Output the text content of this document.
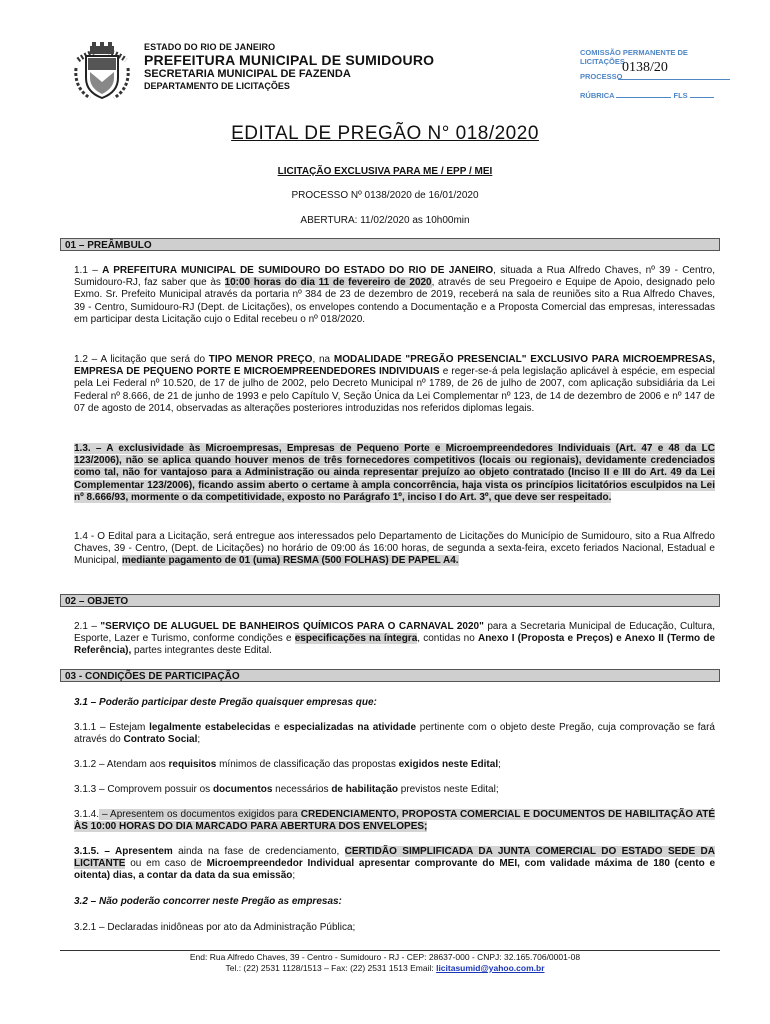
ESTADO DO RIO DE JANEIRO
PREFEITURA MUNICIPAL DE SUMIDOURO
SECRETARIA MUNICIPAL DE FAZENDA
DEPARTAMENTO DE LICITAÇÕES
COMISSÃO PERMANENTE DE LICITAÇÕES
PROCESSO
0138/20
RÚBRICA	FLS
EDITAL DE PREGÃO N° 018/2020
LICITAÇÃO EXCLUSIVA PARA ME / EPP / MEI
PROCESSO Nº 0138/2020 de 16/01/2020
ABERTURA: 11/02/2020 as 10h00min
01 – PREÂMBULO

1.1 – A PREFEITURA MUNICIPAL DE SUMIDOURO DO ESTADO DO RIO DE JANEIRO, situada a Rua Alfredo Chaves, nº 39 - Centro, Sumidouro-RJ, faz saber que às 10:00 horas do dia 11 de fevereiro de 2020, através de seu Pregoeiro e Equipe de Apoio, designado pelo Exmo. Sr. Prefeito Municipal através da portaria nº 384 de 23 de dezembro de 2019, receberá na sala de reuniões sito a Rua Alfredo Chaves, 39 - Centro, Sumidouro-RJ (Dept. de Licitações), os envelopes contendo a Documentação e a Proposta Comercial das empresas, interessadas em participar desta Licitação cujo o Edital recebeu o nº 018/2020.

1.2 – A licitação que será do TIPO MENOR PREÇO, na MODALIDADE "PREGÃO PRESENCIAL" EXCLUSIVO PARA MICROEMPRESAS, EMPRESA DE PEQUENO PORTE E MICROEMPREENDEDORES INDIVIDUAIS e reger-se-á pela legislação aplicável à espécie, em especial pela Lei Federal nº 10.520, de 17 de julho de 2002, pelo Decreto Municipal nº 1789, de 26 de julho de 2007, com aplicação subsidiária da Lei Federal nº 8.666, de 21 de junho de 1993 e pelo Capítulo V, Seção Única da Lei Complementar nº 123, de 14 de dezembro de 2006 e nº 147 de 07 de agosto de 2014, observadas as alterações posteriores introduzidas nos referidos diplomas legais.

1.3. – A exclusividade às Microempresas, Empresas de Pequeno Porte e Microempreendedores Individuais (Art. 47 e 48 da LC 123/2006), não se aplica quando houver menos de três fornecedores competitivos (locais ou regionais), devidamente credenciados como tal, não for vantajoso para a Administração ou ainda representar prejuízo ao objeto contratado (Inciso II e III do Art. 49 da Lei Complementar 123/2006), ficando assim aberto o certame à ampla concorrência, haja vista os princípios licitatórios esculpidos na Lei nº 8.666/93, mormente o da competitividade, exposto no Parágrafo 1º, inciso I do Art. 3º, que deve ser respeitado.

1.4 - O Edital para a Licitação, será entregue aos interessados pelo Departamento de Licitações do Município de Sumidouro, sito a Rua Alfredo Chaves, 39 - Centro, (Dept. de Licitações) no horário de 09:00 ás 16:00 horas, de segunda a sexta-feira, exceto feriados Nacional, Estadual e Municipal, mediante pagamento de 01 (uma) RESMA (500 FOLHAS) DE PAPEL A4.

02 – OBJETO

2.1 – "SERVIÇO DE ALUGUEL DE BANHEIROS QUÍMICOS PARA O CARNAVAL 2020" para a Secretaria Municipal de Educação, Cultura, Esporte, Lazer e Turismo, conforme condições e especificações na íntegra, contidas no Anexo I (Proposta e Preços) e Anexo II (Termo de Referência), partes integrantes deste Edital.

03 - CONDIÇÕES DE PARTICIPAÇÃO

3.1 – Poderão participar deste Pregão quaisquer empresas que:

3.1.1 – Estejam legalmente estabelecidas e especializadas na atividade pertinente com o objeto deste Pregão, cuja comprovação se fará através do Contrato Social;

3.1.2 – Atendam aos requisitos mínimos de classificação das propostas exigidos neste Edital;

3.1.3 – Comprovem possuir os documentos necessários de habilitação previstos neste Edital;

3.1.4. – Apresentem os documentos exigidos para CREDENCIAMENTO, PROPOSTA COMERCIAL E DOCUMENTOS DE HABILITAÇÃO ATÉ ÀS 10:00 HORAS DO DIA MARCADO PARA ABERTURA DOS ENVELOPES;

3.1.5. – Apresentem ainda na fase de credenciamento, CERTIDÃO SIMPLIFICADA DA JUNTA COMERCIAL DO ESTADO SEDE DA LICITANTE ou em caso de Microempreendedor Individual apresentar comprovante do MEI, com validade máxima de 180 (cento e oitenta) dias, a contar da data da sua emissão;

3.2 – Não poderão concorrer neste Pregão as empresas:

3.2.1 – Declaradas inidôneas por ato da Administração Pública;

End: Rua Alfredo Chaves, 39 - Centro - Sumidouro - RJ - CEP: 28637-000 - CNPJ: 32.165.706/0001-08
Tel.: (22) 2531 1128/1513 – Fax: (22) 2531 1513 Email: licitasumid@yahoo.com.br
